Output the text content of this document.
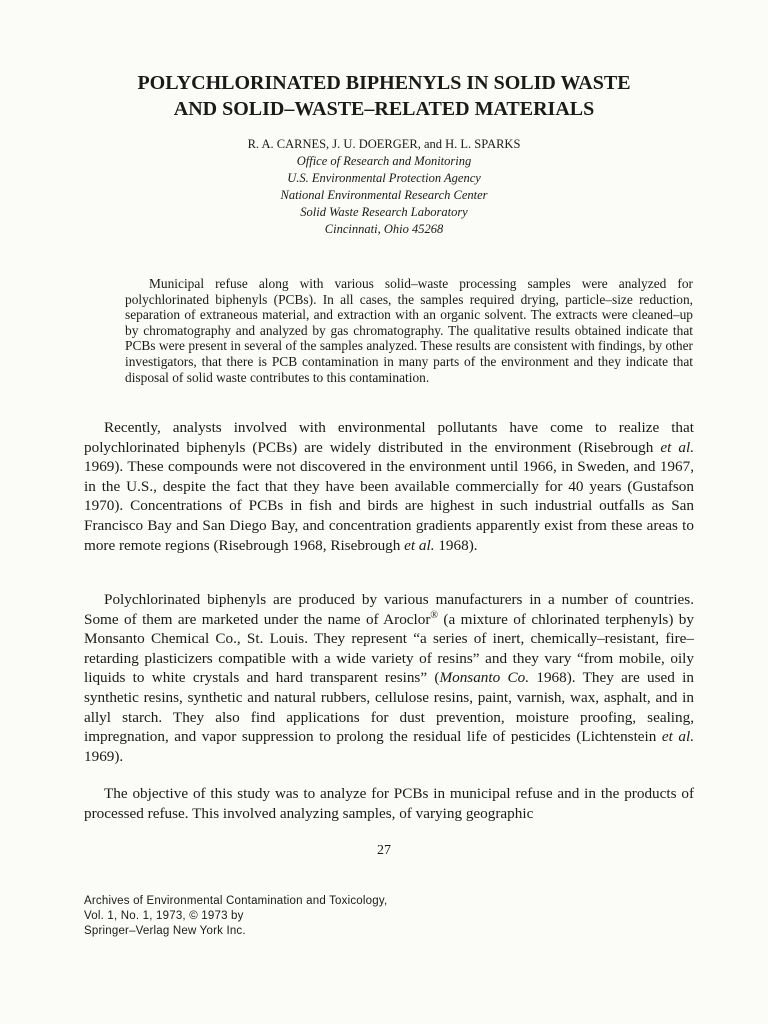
POLYCHLORINATED BIPHENYLS IN SOLID WASTE
AND SOLID–WASTE–RELATED MATERIALS
R. A. CARNES, J. U. DOERGER, and H. L. SPARKS
Office of Research and Monitoring
U.S. Environmental Protection Agency
National Environmental Research Center
Solid Waste Research Laboratory
Cincinnati, Ohio 45268

Municipal refuse along with various solid–waste processing samples were analyzed for polychlorinated biphenyls (PCBs). In all cases, the samples required drying, particle–size reduction, separation of extraneous material, and extraction with an organic solvent. The extracts were cleaned–up by chromatography and analyzed by gas chromatography. The qualitative results obtained indicate that PCBs were present in several of the samples analyzed. These results are consistent with findings, by other investigators, that there is PCB contamination in many parts of the environment and they indicate that disposal of solid waste contributes to this contamination.

Recently, analysts involved with environmental pollutants have come to realize that polychlorinated biphenyls (PCBs) are widely distributed in the environment (Risebrough et al. 1969). These compounds were not discovered in the environment until 1966, in Sweden, and 1967, in the U.S., despite the fact that they have been available commercially for 40 years (Gustafson 1970). Concentrations of PCBs in fish and birds are highest in such industrial outfalls as San Francisco Bay and San Diego Bay, and concentration gradients apparently exist from these areas to more remote regions (Risebrough 1968, Risebrough et al. 1968).

Polychlorinated biphenyls are produced by various manufacturers in a number of countries. Some of them are marketed under the name of Aroclor® (a mixture of chlorinated terphenyls) by Monsanto Chemical Co., St. Louis. They represent “a series of inert, chemically–resistant, fire–retarding plasticizers compatible with a wide variety of resins” and they vary “from mobile, oily liquids to white crystals and hard transparent resins” (Monsanto Co. 1968). They are used in synthetic resins, synthetic and natural rubbers, cellulose resins, paint, varnish, wax, asphalt, and in allyl starch. They also find applications for dust prevention, moisture proofing, sealing, impregnation, and vapor suppression to prolong the residual life of pesticides (Lichtenstein et al. 1969).

The objective of this study was to analyze for PCBs in municipal refuse and in the products of processed refuse. This involved analyzing samples, of varying geographic

27
Archives of Environmental Contamination and Toxicology,
Vol. 1, No. 1, 1973, © 1973 by
Springer–Verlag New York Inc.
